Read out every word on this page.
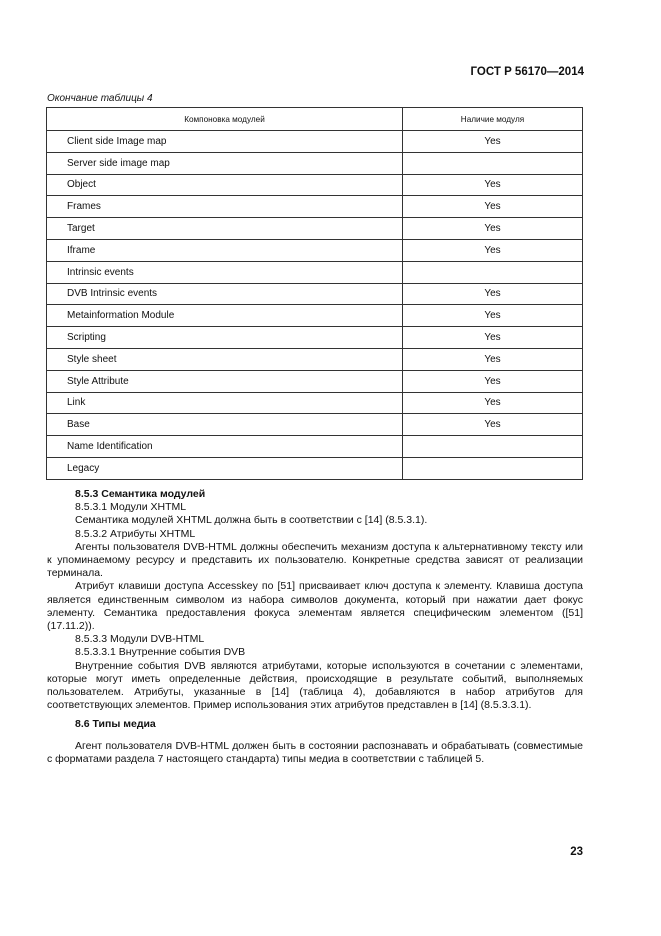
ГОСТ Р 56170—2014
Окончание таблицы 4
Компоновка модулей	Наличие модуля
Client side Image map	Yes
Server side image map	
Object	Yes
Frames	Yes
Target	Yes
Iframe	Yes
Intrinsic events	
DVB Intrinsic events	Yes
Metainformation Module	Yes
Scripting	Yes
Style sheet	Yes
Style Attribute	Yes
Link	Yes
Base	Yes
Name Identification	
Legacy	

8.5.3 Семантика модулей

8.5.3.1 Модули XHTML

Семантика модулей XHTML должна быть в соответствии с [14] (8.5.3.1).

8.5.3.2 Атрибуты XHTML

Агенты пользователя DVB-HTML должны обеспечить механизм доступа к альтернативному тексту или к упоминаемому ресурсу и представить их пользователю. Конкретные средства зависят от реализации терминала.

Атрибут клавиши доступа Accesskey по [51] присваивает ключ доступа к элементу. Клавиша доступа является единственным символом из набора символов документа, который при нажатии дает фокус элементу. Семантика предоставления фокуса элементам является специфическим элементом ([51] (17.11.2)).

8.5.3.3 Модули DVB-HTML

8.5.3.3.1 Внутренние события DVB

Внутренние события DVB являются атрибутами, которые используются в сочетании с элементами, которые могут иметь определенные действия, происходящие в результате событий, выполняемых пользователем. Атрибуты, указанные в [14] (таблица 4), добавляются в набор атрибутов для соответствующих элементов. Пример использования этих атрибутов представлен в [14] (8.5.3.3.1).

8.6 Типы медиа

Агент пользователя DVB-HTML должен быть в состоянии распознавать и обрабатывать (совместимые с форматами раздела 7 настоящего стандарта) типы медиа в соответствии с таблицей 5.

23
